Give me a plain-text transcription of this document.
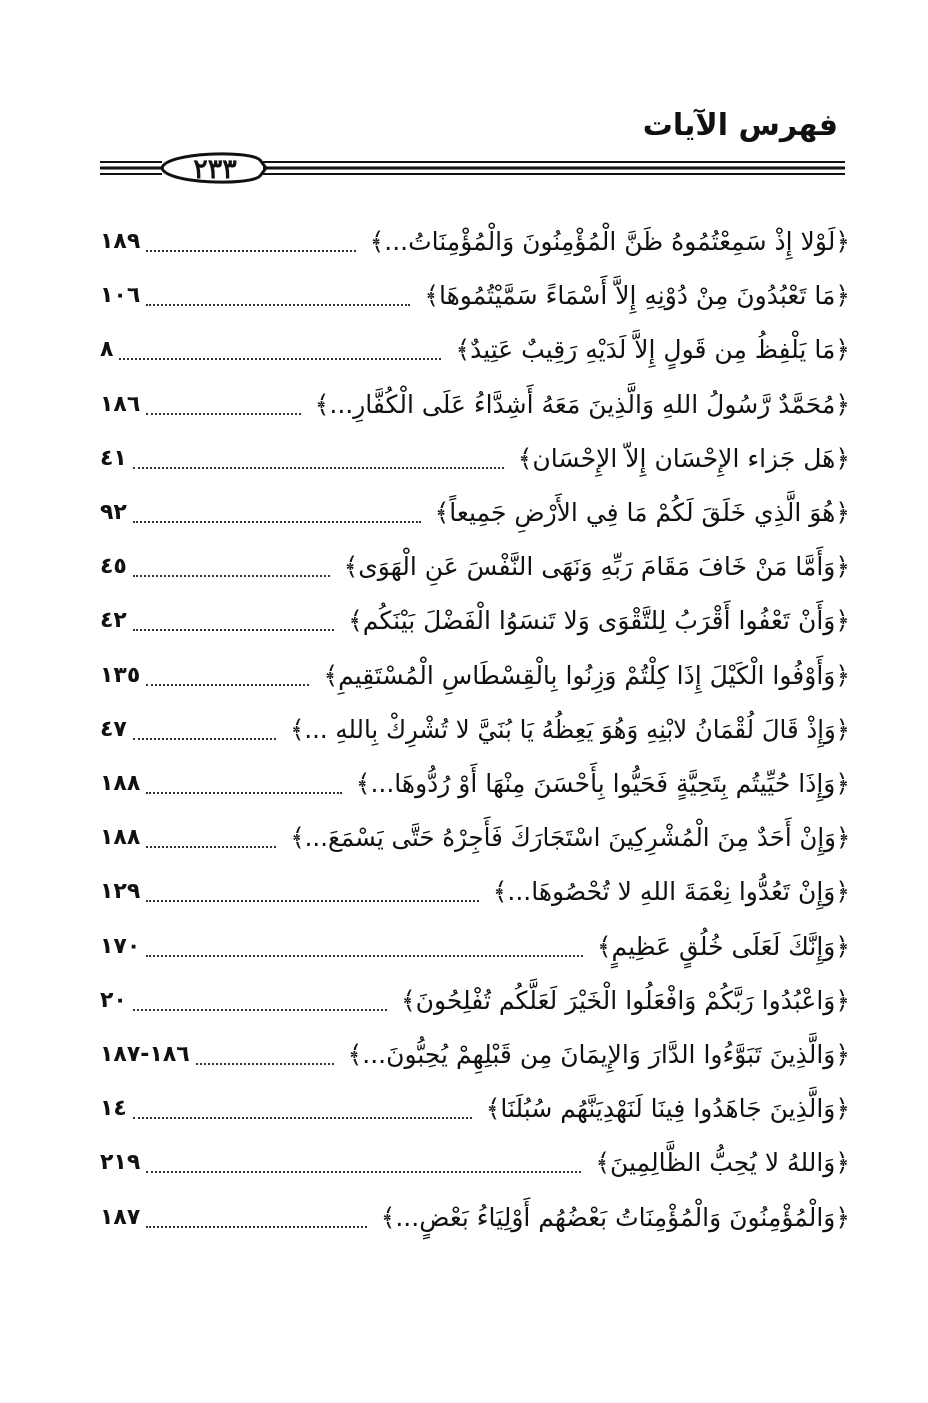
فهرس الآيات
٢٣٣
١٨٩	﴿لَوْلا إِذْ سَمِعْتُمُوهُ ظَنَّ الْمُؤْمِنُونَ وَالْمُؤْمِنَاتُ...﴾
١٠٦	﴿مَا تَعْبُدُونَ مِنْ دُوْنِهِ إِلاَّ أَسْمَاءً سَمَّيْتُمُوهَا﴾
٨	﴿مَا يَلْفِظُ مِن قَولٍ إِلاَّ لَدَيْهِ رَقِيبٌ عَتِيدٌ﴾
١٨٦	﴿مُحَمَّدٌ رَّسُولُ اللهِ وَالَّذِينَ مَعَهُ أَشِدَّاءُ عَلَى الْكُفَّارِ...﴾
٤١	﴿هَل جَزاء الإِحْسَان إِلاّ الإِحْسَان﴾
٩٢	﴿هُوَ الَّذِي خَلَقَ لَكُمْ مَا فِي الأَرْضِ جَمِيعاً﴾
٤٥	﴿وَأَمَّا مَنْ خَافَ مَقَامَ رَبِّهِ وَنَهَى النَّفْسَ عَنِ الْهَوَى﴾
٤٢	﴿وَأَنْ تَعْفُوا أَقْرَبُ لِلتَّقْوَى وَلا تَنسَوُا الْفَضْلَ بَيْنَكُم﴾
١٣٥	﴿وَأَوْفُوا الْكَيْلَ إِذَا كِلْتُمْ وَزِنُوا بِالْقِسْطَاسِ الْمُسْتَقِيمِ﴾
٤٧	﴿وَإِذْ قَالَ لُقْمَانُ لابْنِهِ وَهُوَ يَعِظُهُ يَا بُنَيَّ لا تُشْرِكْ بِاللهِ ...﴾
١٨٨	﴿وَإِذَا حُيِّيتُم بِتَحِيَّةٍ فَحَيُّوا بِأَحْسَنَ مِنْهَا أَوْ رُدُّوهَا...﴾
١٨٨	﴿وَإِنْ أَحَدٌ مِنَ الْمُشْرِكِينَ اسْتَجَارَكَ فَأَجِرْهُ حَتَّى يَسْمَعَ...﴾
١٢٩	﴿وَإِنْ تَعُدُّوا نِعْمَةَ اللهِ لا تُحْصُوهَا...﴾
١٧٠	﴿وَإِنَّكَ لَعَلَى خُلُقٍ عَظِيمٍ﴾
٢٠	﴿وَاعْبُدُوا رَبَّكُمْ وَافْعَلُوا الْخَيْرَ لَعَلَّكُم تُفْلِحُونَ﴾
١٨٦-١٨٧	﴿وَالَّذِينَ تَبَوَّءُوا الدَّارَ وَالإِيمَانَ مِن قَبْلِهِمْ يُحِبُّونَ...﴾
١٤	﴿وَالَّذِينَ جَاهَدُوا فِينَا لَنَهْدِيَنَّهُم سُبُلَنَا﴾
٢١٩	﴿وَاللهُ لا يُحِبُّ الظَّالِمِينَ﴾
١٨٧	﴿وَالْمُؤْمِنُونَ وَالْمُؤْمِنَاتُ بَعْضُهُم أَوْلِيَاءُ بَعْضٍ...﴾
